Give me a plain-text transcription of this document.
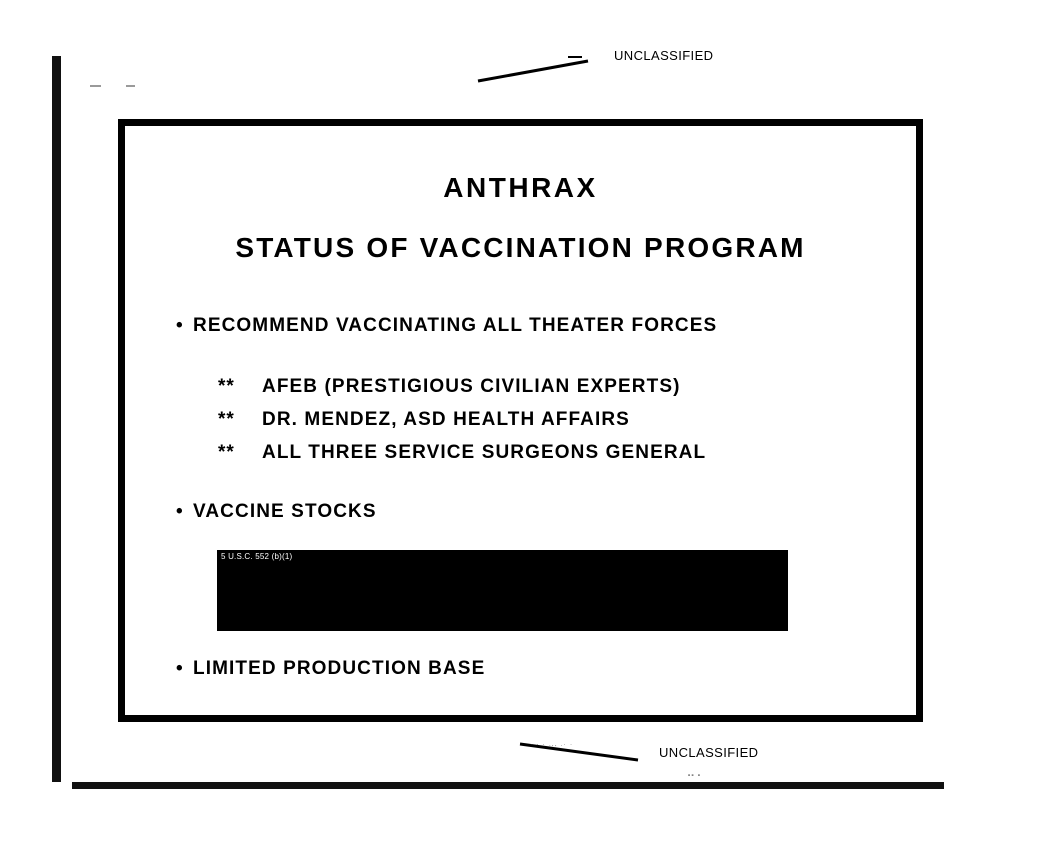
UNCLASSIFIED
ANTHRAX
STATUS OF VACCINATION PROGRAM
• RECOMMEND VACCINATING ALL THEATER FORCES
** AFEB (PRESTIGIOUS CIVILIAN EXPERTS)
** DR. MENDEZ, ASD HEALTH AFFAIRS
** ALL THREE SERVICE SURGEONS GENERAL
• VACCINE STOCKS
5 U.S.C. 552 (b)(1)
• LIMITED PRODUCTION BASE
· · · .,, .· ·
▪▪ ▪
UNCLASSIFIED
